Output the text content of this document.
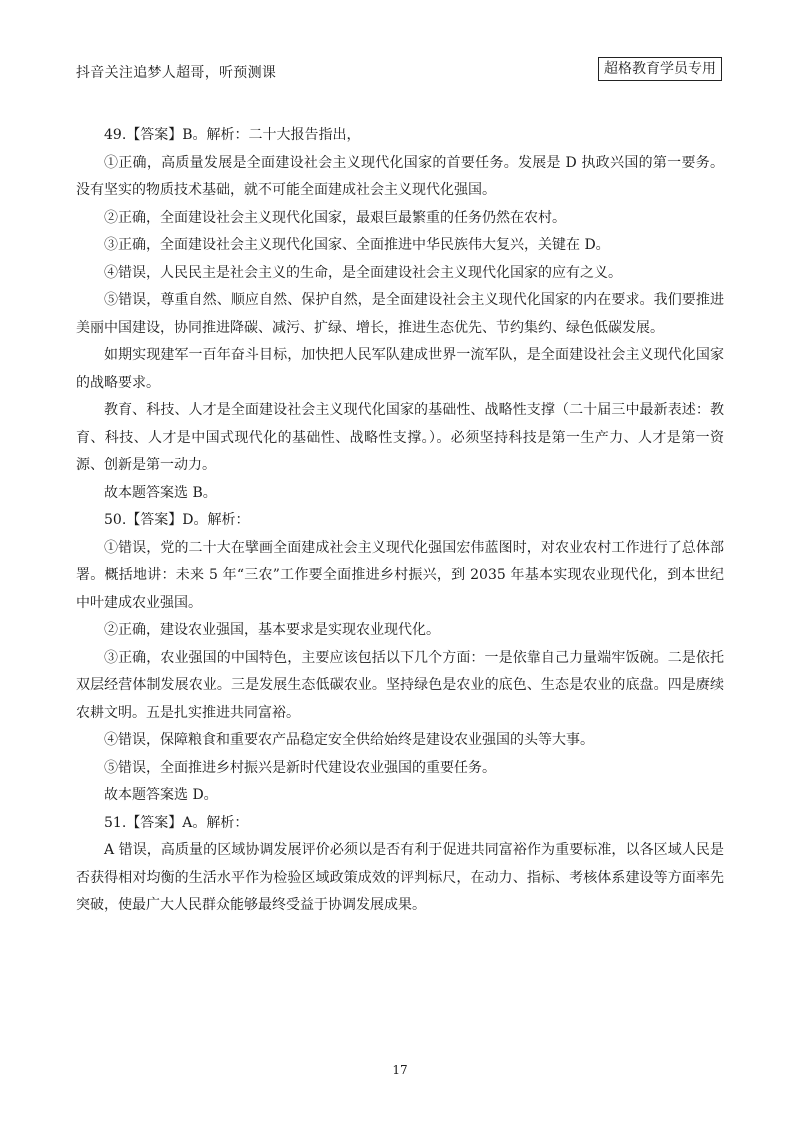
抖音关注追梦人超哥，听预测课	超格教育学员专用

49.【答案】B。解析：二十大报告指出，

①正确，高质量发展是全面建设社会主义现代化国家的首要任务。发展是 D 执政兴国的第一要务。没有坚实的物质技术基础，就不可能全面建成社会主义现代化强国。

②正确，全面建设社会主义现代化国家，最艰巨最繁重的任务仍然在农村。

③正确，全面建设社会主义现代化国家、全面推进中华民族伟大复兴，关键在 D。

④错误，人民民主是社会主义的生命，是全面建设社会主义现代化国家的应有之义。

⑤错误，尊重自然、顺应自然、保护自然，是全面建设社会主义现代化国家的内在要求。我们要推进美丽中国建设，协同推进降碳、减污、扩绿、增长，推进生态优先、节约集约、绿色低碳发展。

如期实现建军一百年奋斗目标，加快把人民军队建成世界一流军队，是全面建设社会主义现代化国家的战略要求。

教育、科技、人才是全面建设社会主义现代化国家的基础性、战略性支撑（二十届三中最新表述：教育、科技、人才是中国式现代化的基础性、战略性支撑。）。必须坚持科技是第一生产力、人才是第一资源、创新是第一动力。

故本题答案选 B。

50.【答案】D。解析：

①错误，党的二十大在擘画全面建成社会主义现代化强国宏伟蓝图时，对农业农村工作进行了总体部署。概括地讲：未来 5 年“三农”工作要全面推进乡村振兴，到 2035 年基本实现农业现代化，到本世纪中叶建成农业强国。

②正确，建设农业强国，基本要求是实现农业现代化。

③正确，农业强国的中国特色，主要应该包括以下几个方面：一是依靠自己力量端牢饭碗。二是依托双层经营体制发展农业。三是发展生态低碳农业。坚持绿色是农业的底色、生态是农业的底盘。四是赓续农耕文明。五是扎实推进共同富裕。

④错误，保障粮食和重要农产品稳定安全供给始终是建设农业强国的头等大事。

⑤错误，全面推进乡村振兴是新时代建设农业强国的重要任务。

故本题答案选 D。

51.【答案】A。解析：

A 错误，高质量的区域协调发展评价必须以是否有利于促进共同富裕作为重要标准，以各区域人民是否获得相对均衡的生活水平作为检验区域政策成效的评判标尺，在动力、指标、考核体系建设等方面率先突破，使最广大人民群众能够最终受益于协调发展成果。

17
